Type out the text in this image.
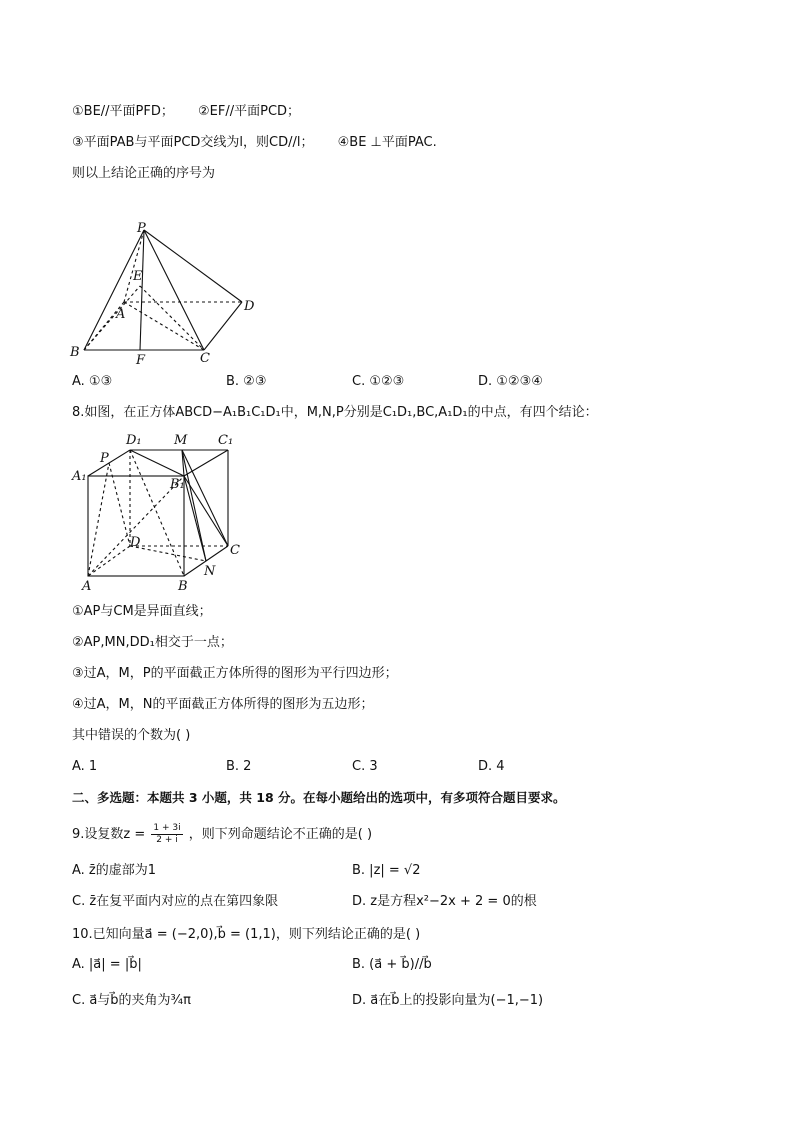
①BE//平面PFD； ②EF//平面PCD；
③平面PAB与平面PCD交线为l，则CD//l； ④BE ⊥平面PAC.
则以上结论正确的序号为
P
E
D
A
B
F	C
A. ①③	B. ②③	C. ①②③	D. ①②③④
8.如图，在正方体ABCD−A₁B₁C₁D₁中，M,N,P分别是C₁D₁,BC,A₁D₁的中点，有四个结论：
D₁ M C₁
A₁
P
B₁
D
C
A	B
N
①AP与CM是异面直线；
②AP,MN,DD₁相交于一点；
③过A，M，P的平面截正方体所得的图形为平行四边形；
④过A，M，N的平面截正方体所得的图形为五边形；
其中错误的个数为( )
A. 1	B. 2	C. 3	D. 4
二、多选题：本题共 3 小题，共 18 分。在每小题给出的选项中，有多项符合题目要求。
9.设复数$z = \frac{1 + 3i}{2 + i}$ ，则下列命题结论不正确的是( )
A. z̄的虚部为1	B. |z| = √2
C. z̄在复平面内对应的点在第四象限	D. z是方程x²−2x + 2 = 0的根
10.已知向量a⃗ = (−2,0),b⃗ = (1,1)，则下列结论正确的是( )
A. |a⃗| = |b⃗|	B. (a⃗ + b⃗)//b⃗
C. a⃗与b⃗的夹角为¾π	D. a⃗在b⃗上的投影向量为(−1,−1)
